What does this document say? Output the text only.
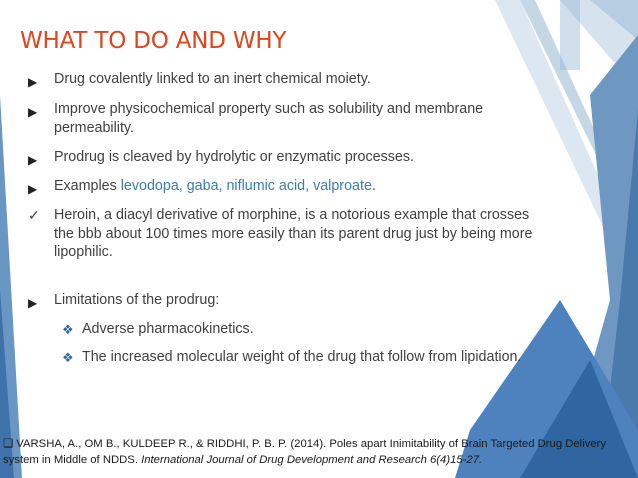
WHAT TO DO AND WHY
▶	Drug covalently linked to an inert chemical moiety.
▶	Improve physicochemical property such as solubility and membrane permeability.
▶	Prodrug is cleaved by hydrolytic or enzymatic processes.
▶	Examples levodopa, gaba, niflumic acid, valproate.
✓ Heroin, a diacyl derivative of morphine, is a notorious example that crosses the bbb about 100 times more easily than its parent drug just by being more lipophilic.
▶	Limitations of the prodrug:
❖ Adverse pharmacokinetics.
❖ The increased molecular weight of the drug that follow from lipidation.
❑ VARSHA, A., OM B., KULDEEP R., & RIDDHI, P. B. P. (2014). Poles apart Inimitability of Brain Targeted Drug Delivery system in Middle of NDDS. International Journal of Drug Development and Research 6(4)15-27.
